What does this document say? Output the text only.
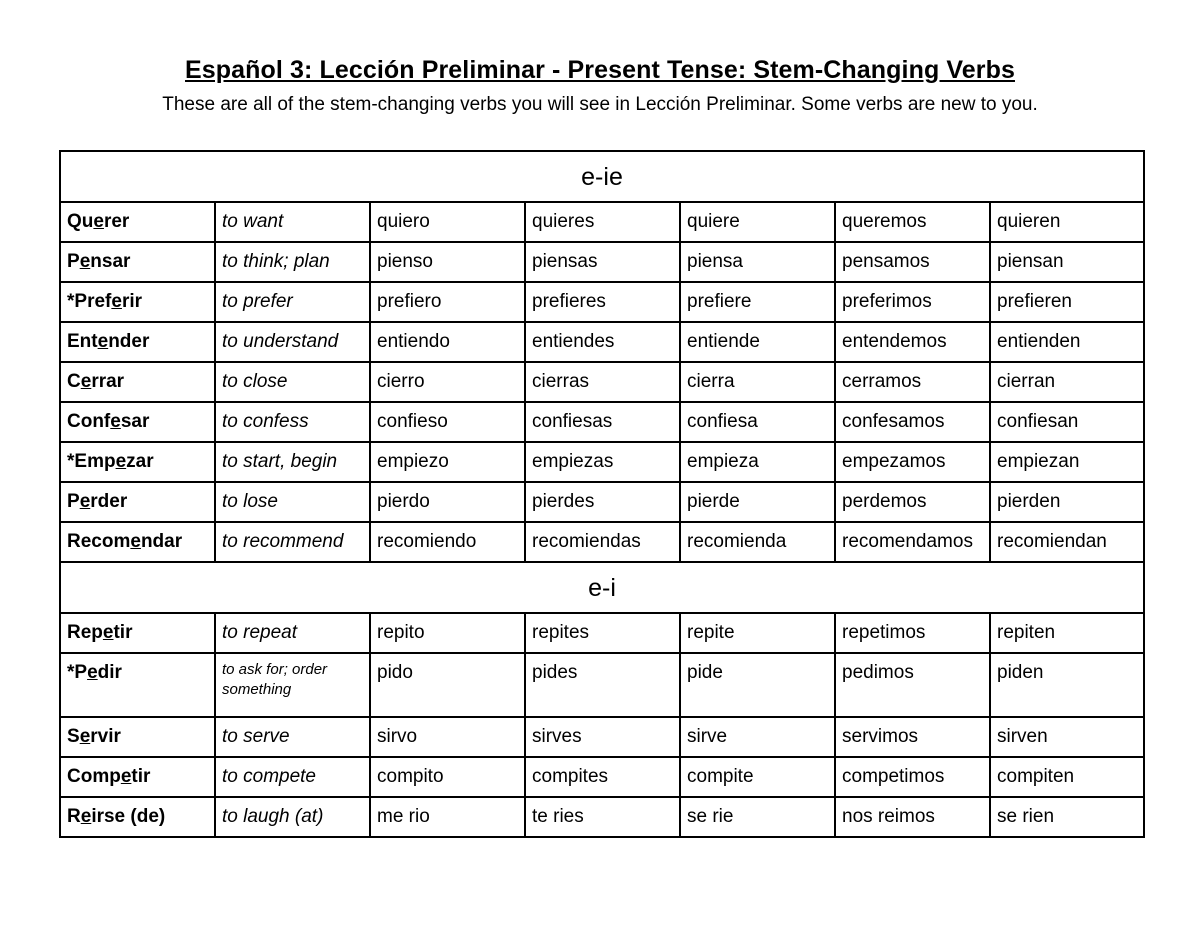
Español 3: Lección Preliminar - Present Tense: Stem-Changing Verbs
These are all of the stem-changing verbs you will see in Lección Preliminar. Some verbs are new to you.
e-ie						
Querer	to want	quiero	quieres	quiere	queremos	quieren
Pensar	to think; plan	pienso	piensas	piensa	pensamos	piensan
*Preferir	to prefer	prefiero	prefieres	prefiere	preferimos	prefieren
Entender	to understand	entiendo	entiendes	entiende	entendemos	entienden
Cerrar	to close	cierro	cierras	cierra	cerramos	cierran
Confesar	to confess	confieso	confiesas	confiesa	confesamos	confiesan
*Empezar	to start, begin	empiezo	empiezas	empieza	empezamos	empiezan
Perder	to lose	pierdo	pierdes	pierde	perdemos	pierden
Recomendar	to recommend	recomiendo	recomiendas	recomienda	recomendamos	recomiendan
e-i						
Repetir	to repeat	repito	repites	repite	repetimos	repiten
*Pedir	to ask for; order something	pido	pides	pide	pedimos	piden
Servir	to serve	sirvo	sirves	sirve	servimos	sirven
Competir	to compete	compito	compites	compite	competimos	compiten
Reirse (de)	to laugh (at)	me rio	te ries	se rie	nos reimos	se rien
